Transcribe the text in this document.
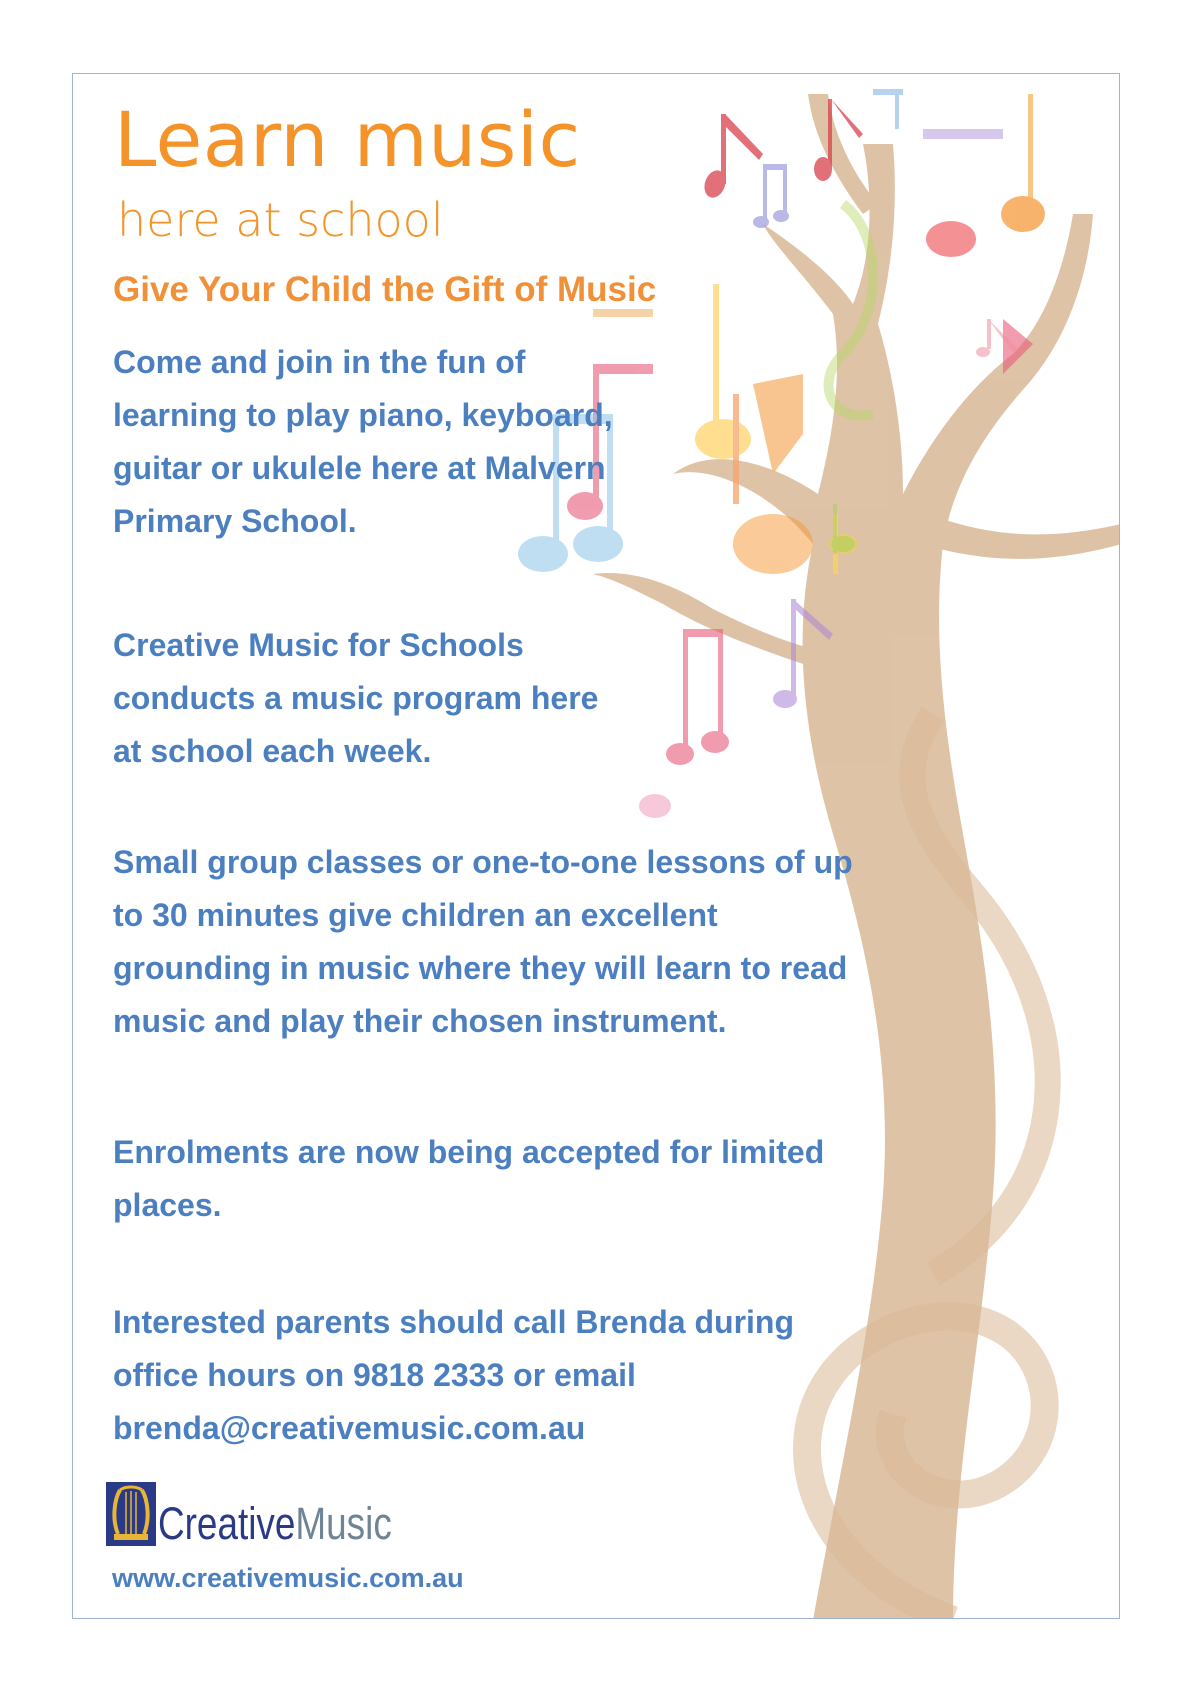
Learn music
here at school
Give Your Child the Gift of Music

Come and join in the fun of learning to play piano, keyboard, guitar or ukulele here at Malvern Primary School.

Creative Music for Schools conducts a music program here at school each week.

Small group classes or one-to-one lessons of up to 30 minutes give children an excellent grounding in music where they will learn to read music and play their chosen instrument.

Enrolments are now being accepted for limited places.

Interested parents should call Brenda during office hours on 9818 2333 or email brenda@creativemusic.com.au

CreativeMusic

www.creativemusic.com.au
